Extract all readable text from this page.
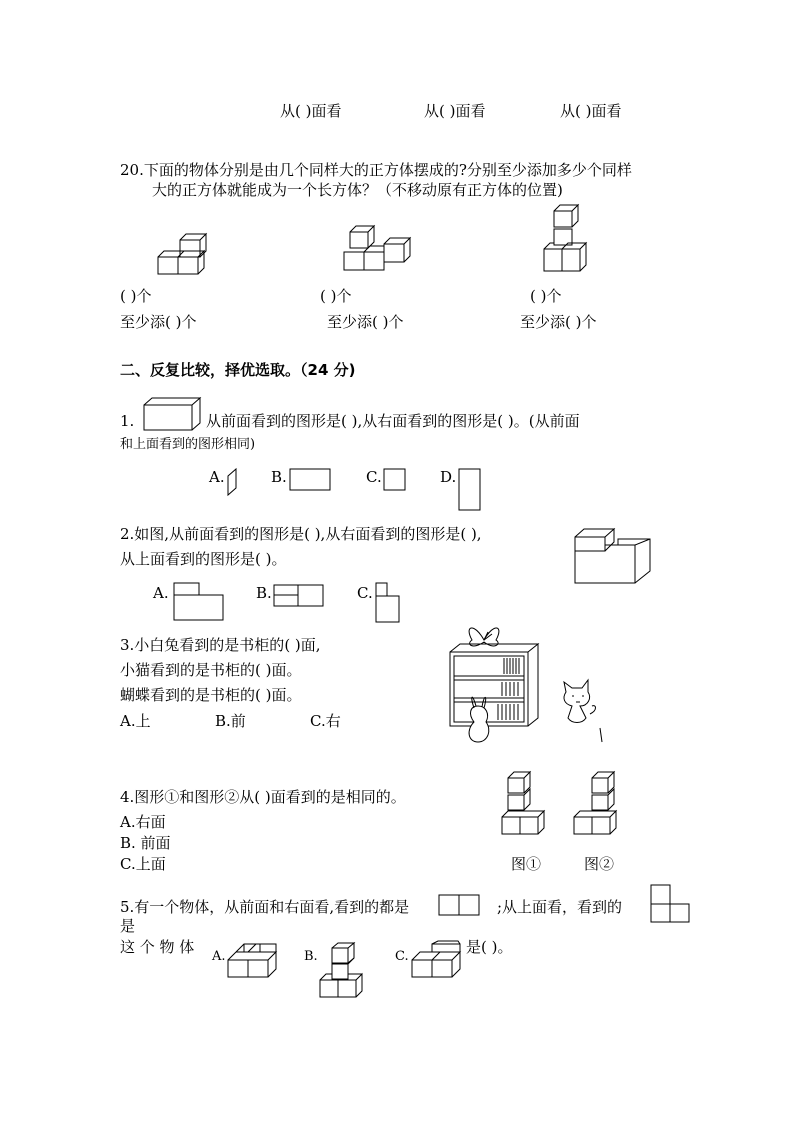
从( )面看	从( )面看	从( )面看
20.下面的物体分别是由几个同样大的正方体摆成的?分别至少添加多少个同样
大的正方体就能成为一个长方体？（不移动原有正方体的位置)
( )个	( )个	( )个
至少添( )个	至少添( )个	至少添( )个
二、反复比较，择优选取。（24 分)
1.	从前面看到的图形是( ),从右面看到的图形是( )。(从前面
和上面看到的图形相同)
A.	B.	C.	D.
2.如图,从前面看到的图形是( ),从右面看到的图形是( ),
从上面看到的图形是( )。
A.	B.	C.
3.小白兔看到的是书柜的( )面,
小猫看到的是书柜的( )面。
蝴蝶看到的是书柜的( )面。
A.上	B.前	C.右
4.图形①和图形②从( )面看到的是相同的。
A.右面
B. 前面
C.上面	图①	图②
5.有一个物体，从前面和右面看,看到的都是	;从上面看，看到的
是
这 个 物 体
A.	B.	C.
是( )。
